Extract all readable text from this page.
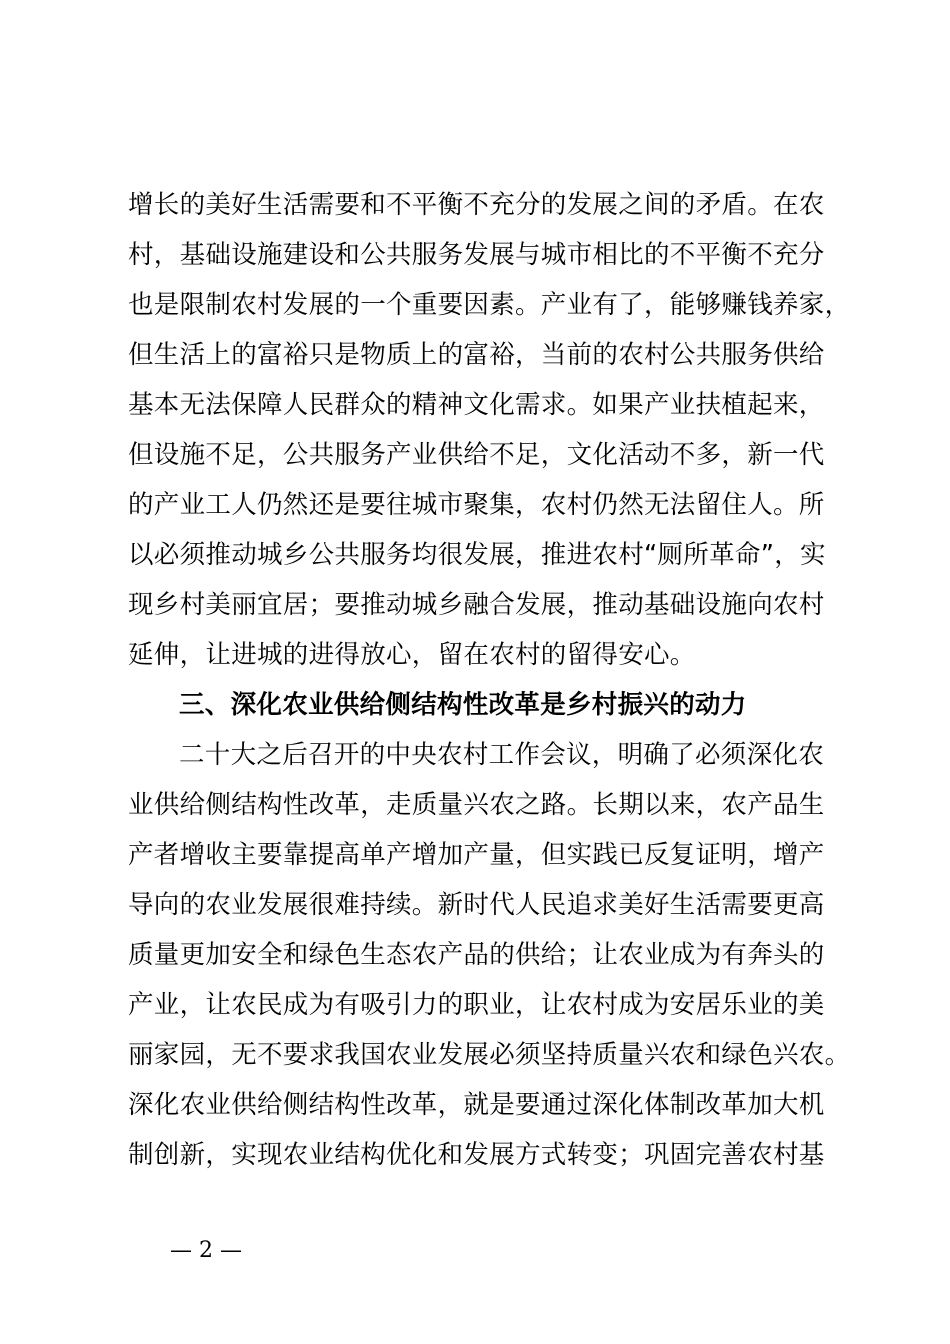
增长的美好生活需要和不平衡不充分的发展之间的矛盾。在农
村，基础设施建设和公共服务发展与城市相比的不平衡不充分
也是限制农村发展的一个重要因素。产业有了，能够赚钱养家，
但生活上的富裕只是物质上的富裕，当前的农村公共服务供给
基本无法保障人民群众的精神文化需求。如果产业扶植起来，
但设施不足，公共服务产业供给不足，文化活动不多，新一代
的产业工人仍然还是要往城市聚集，农村仍然无法留住人。所
以必须推动城乡公共服务均很发展，推进农村“厕所革命”，实
现乡村美丽宜居；要推动城乡融合发展，推动基础设施向农村
延伸，让进城的进得放心，留在农村的留得安心。
三、深化农业供给侧结构性改革是乡村振兴的动力
二十大之后召开的中央农村工作会议，明确了必须深化农
业供给侧结构性改革，走质量兴农之路。长期以来，农产品生
产者增收主要靠提高单产增加产量，但实践已反复证明，增产
导向的农业发展很难持续。新时代人民追求美好生活需要更高
质量更加安全和绿色生态农产品的供给；让农业成为有奔头的
产业，让农民成为有吸引力的职业，让农村成为安居乐业的美
丽家园，无不要求我国农业发展必须坚持质量兴农和绿色兴农。
深化农业供给侧结构性改革，就是要通过深化体制改革加大机
制创新，实现农业结构优化和发展方式转变；巩固完善农村基
— 2 —
